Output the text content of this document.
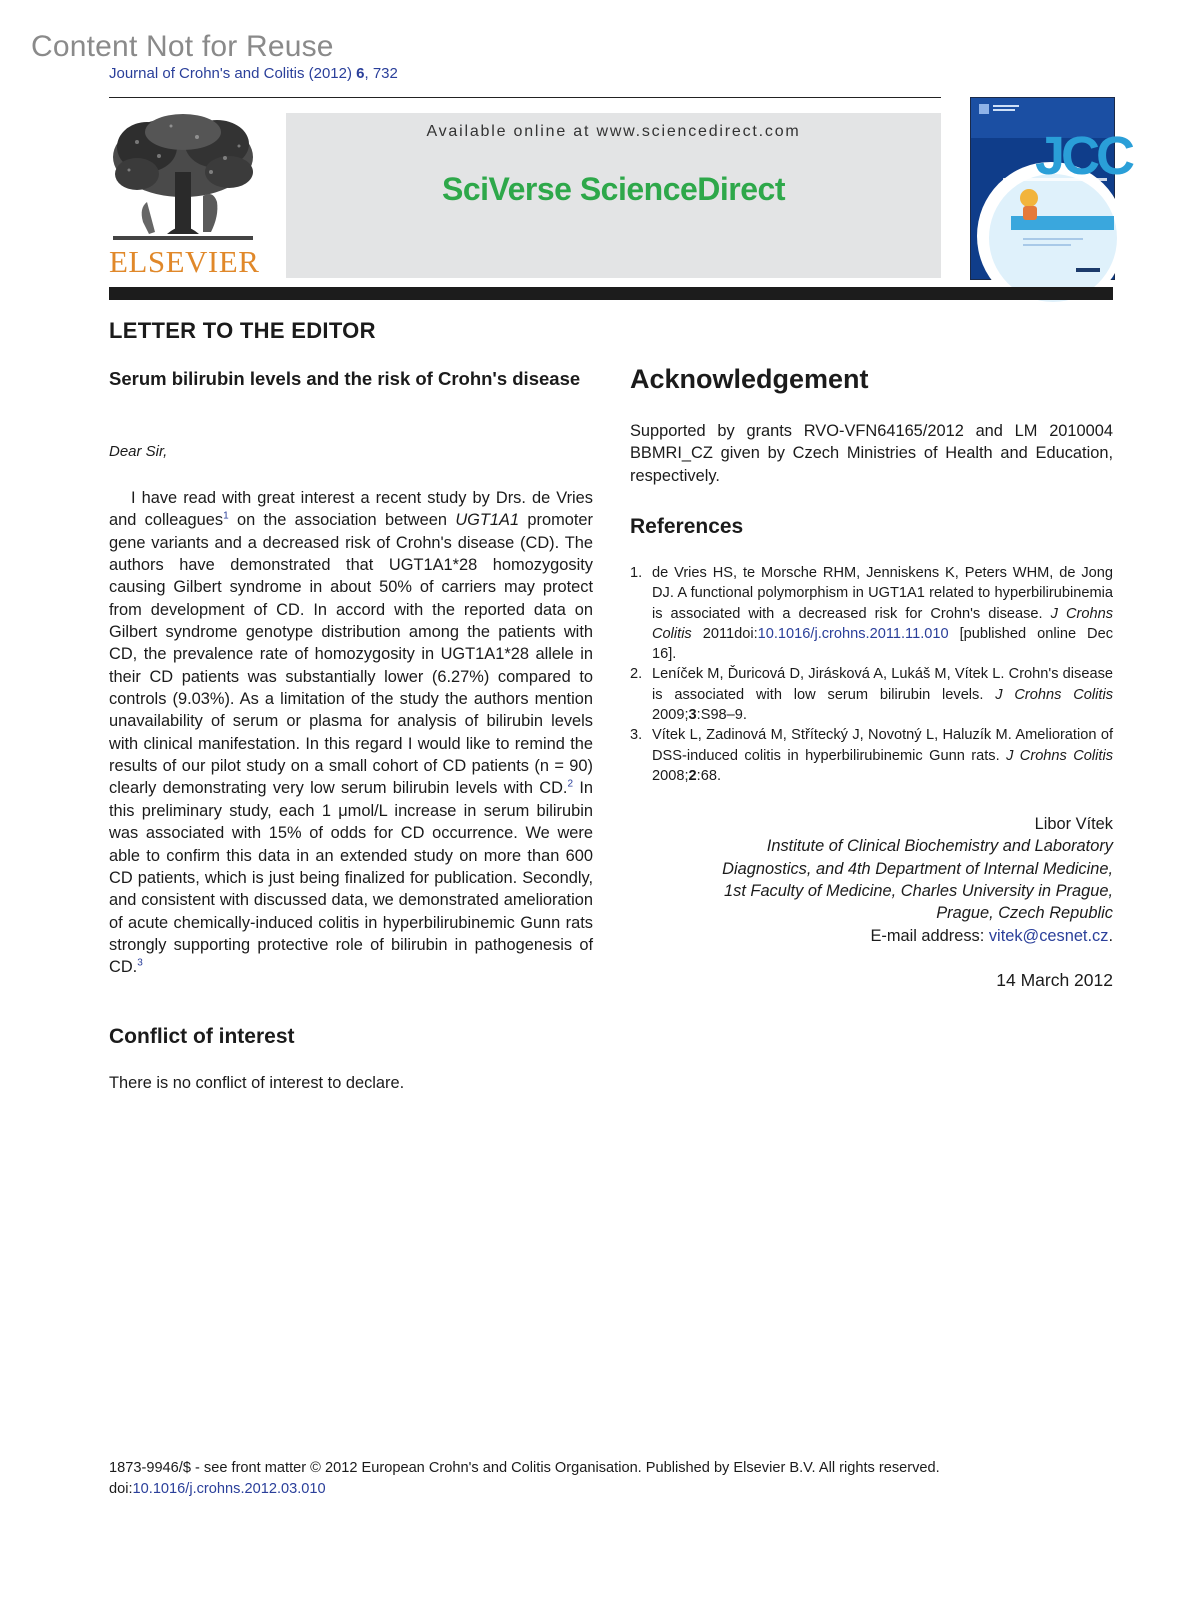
Content Not for Reuse
Journal of Crohn's and Colitis (2012) 6, 732
ELSEVIER
Available online at www.sciencedirect.com
SciVerse ScienceDirect
JCC
LETTER TO THE EDITOR
Serum bilirubin levels and the risk of Crohn's disease
Dear Sir,

I have read with great interest a recent study by Drs. de Vries and colleagues$^1$ on the association between UGT1A1 promoter gene variants and a decreased risk of Crohn's disease (CD). The authors have demonstrated that UGT1A1*28 homozygosity causing Gilbert syndrome in about 50% of carriers may protect from development of CD. In accord with the reported data on Gilbert syndrome genotype distribution among the patients with CD, the prevalence rate of homozygosity in UGT1A1*28 allele in their CD patients was substantially lower (6.27%) compared to controls (9.03%). As a limitation of the study the authors mention unavailability of serum or plasma for analysis of bilirubin levels with clinical manifestation. In this regard I would like to remind the results of our pilot study on a small cohort of CD patients (n = 90) clearly demonstrating very low serum bilirubin levels with CD.$^2$ In this preliminary study, each 1 μmol/L increase in serum bilirubin was associated with 15% of odds for CD occurrence. We were able to confirm this data in an extended study on more than 600 CD patients, which is just being finalized for publication. Secondly, and consistent with discussed data, we demonstrated amelioration of acute chemically-induced colitis in hyperbilirubinemic Gunn rats strongly supporting protective role of bilirubin in pathogenesis of CD.$^3$

Conflict of interest
There is no conflict of interest to declare.
Acknowledgement
Supported by grants RVO-VFN64165/2012 and LM 2010004 BBMRI_CZ given by Czech Ministries of Health and Education, respectively.
References
1. de Vries HS, te Morsche RHM, Jenniskens K, Peters WHM, de Jong DJ. A functional polymorphism in UGT1A1 related to hyperbilirubinemia is associated with a decreased risk for Crohn's disease. J Crohns Colitis 2011doi:10.1016/j.crohns.2011.11.010 [published online Dec 16].
2. Leníček M, Ďuricová D, Jirásková A, Lukáš M, Vítek L. Crohn's disease is associated with low serum bilirubin levels. J Crohns Colitis 2009;3:S98–9.
3. Vítek L, Zadinová M, Střítecký J, Novotný L, Haluzík M. Amelioration of DSS-induced colitis in hyperbilirubinemic Gunn rats. J Crohns Colitis 2008;2:68.
Libor Vítek
Institute of Clinical Biochemistry and Laboratory
Diagnostics, and 4th Department of Internal Medicine,
1st Faculty of Medicine, Charles University in Prague,
Prague, Czech Republic
E-mail address: vitek@cesnet.cz.
14 March 2012
1873-9946/$ - see front matter © 2012 European Crohn's and Colitis Organisation. Published by Elsevier B.V. All rights reserved.
doi:10.1016/j.crohns.2012.03.010
